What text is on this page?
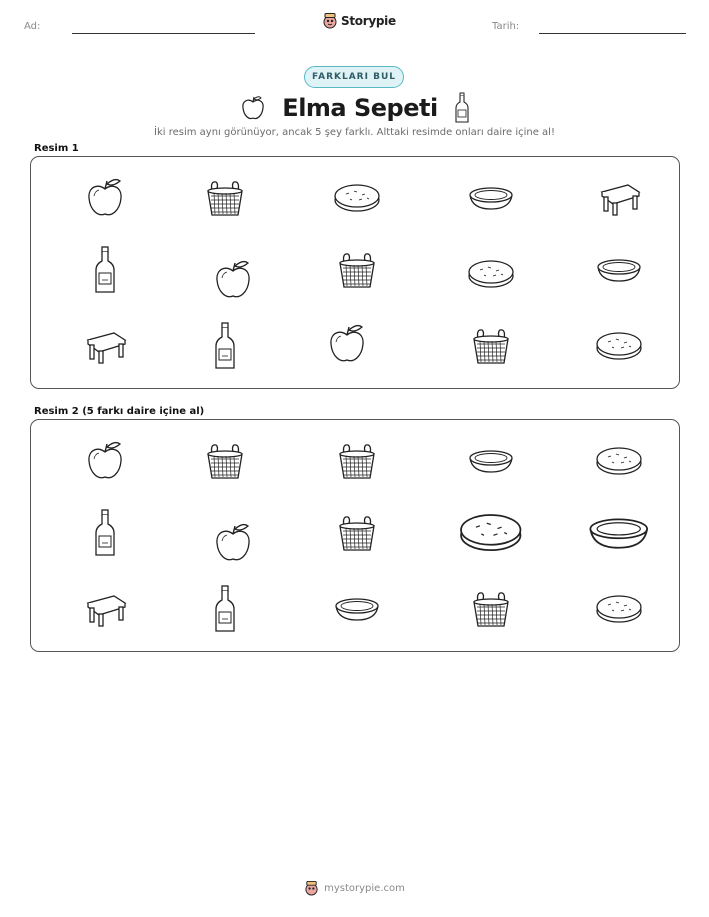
Ad:	Storypie	Tarih:
FARKLARI BUL
Elma Sepeti
İki resim aynı görünüyor, ancak 5 şey farklı. Alttaki resimde onları daire içine al!
Resim 1
Resim 2 (5 farkı daire içine al)
mystorypie.com
